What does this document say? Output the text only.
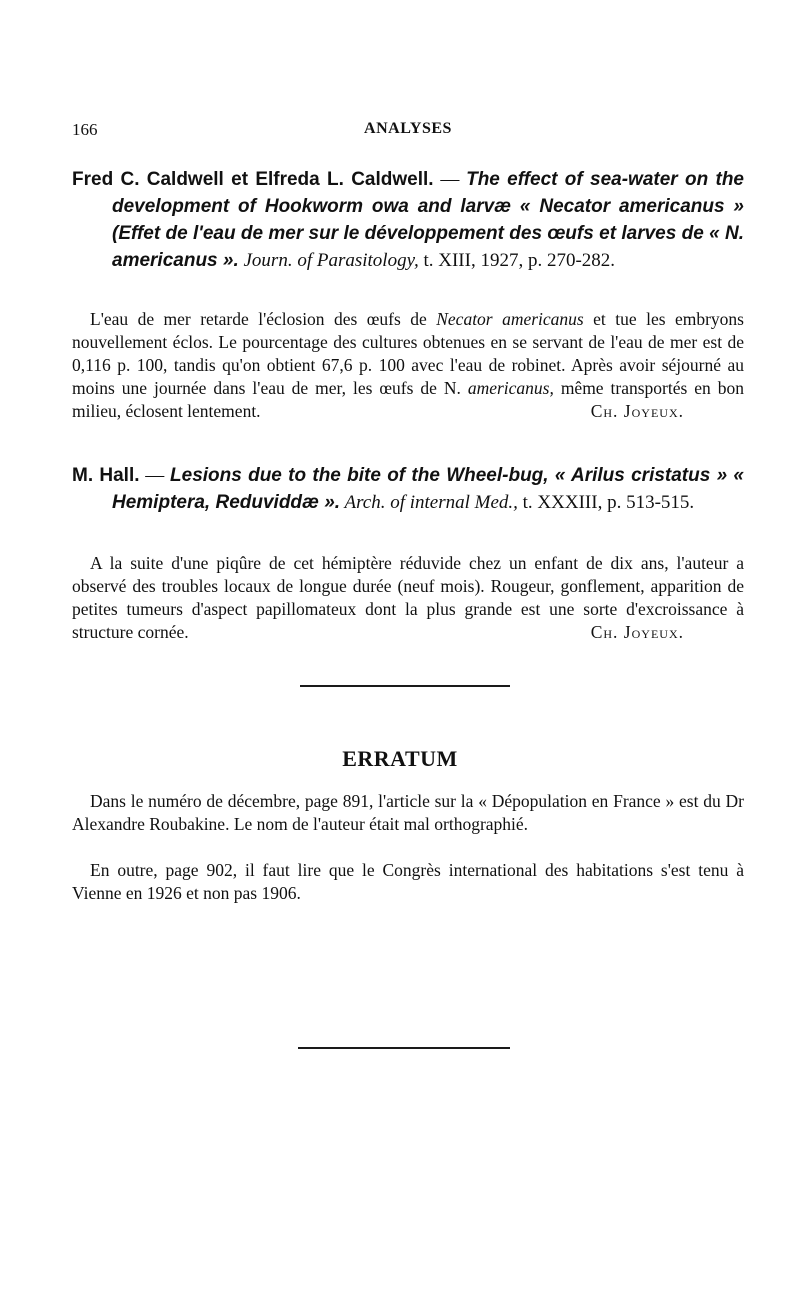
166	ANALYSES
Fred C. Caldwell et Elfreda L. Caldwell. — The effect of sea-water on the development of Hookworm owa and larvæ « Necator americanus » (Effet de l'eau de mer sur le développement des œufs et larves de « N. americanus ». Journ. of Parasitology, t. XIII, 1927, p. 270-282.
L'eau de mer retarde l'éclosion des œufs de Necator americanus et tue les embryons nouvellement éclos. Le pourcentage des cultures obtenues en se servant de l'eau de mer est de 0,116 p. 100, tandis qu'on obtient 67,6 p. 100 avec l'eau de robinet. Après avoir séjourné au moins une journée dans l'eau de mer, les œufs de N. americanus, même transportés en bon milieu, éclosent lentement.	Ch. Joyeux.
M. Hall. — Lesions due to the bite of the Wheel-bug, « Arilus cristatus » « Hemiptera, Reduviddæ ». Arch. of internal Med., t. XXXIII, p. 513-515.
A la suite d'une piqûre de cet hémiptère réduvide chez un enfant de dix ans, l'auteur a observé des troubles locaux de longue durée (neuf mois). Rougeur, gonflement, apparition de petites tumeurs d'aspect papillomateux dont la plus grande est une sorte d'excroissance à structure cornée.	Ch. Joyeux.
ERRATUM
Dans le numéro de décembre, page 891, l'article sur la « Dépopulation en France » est du Dr Alexandre Roubakine. Le nom de l'auteur était mal orthographié.
En outre, page 902, il faut lire que le Congrès international des habitations s'est tenu à Vienne en 1926 et non pas 1906.
